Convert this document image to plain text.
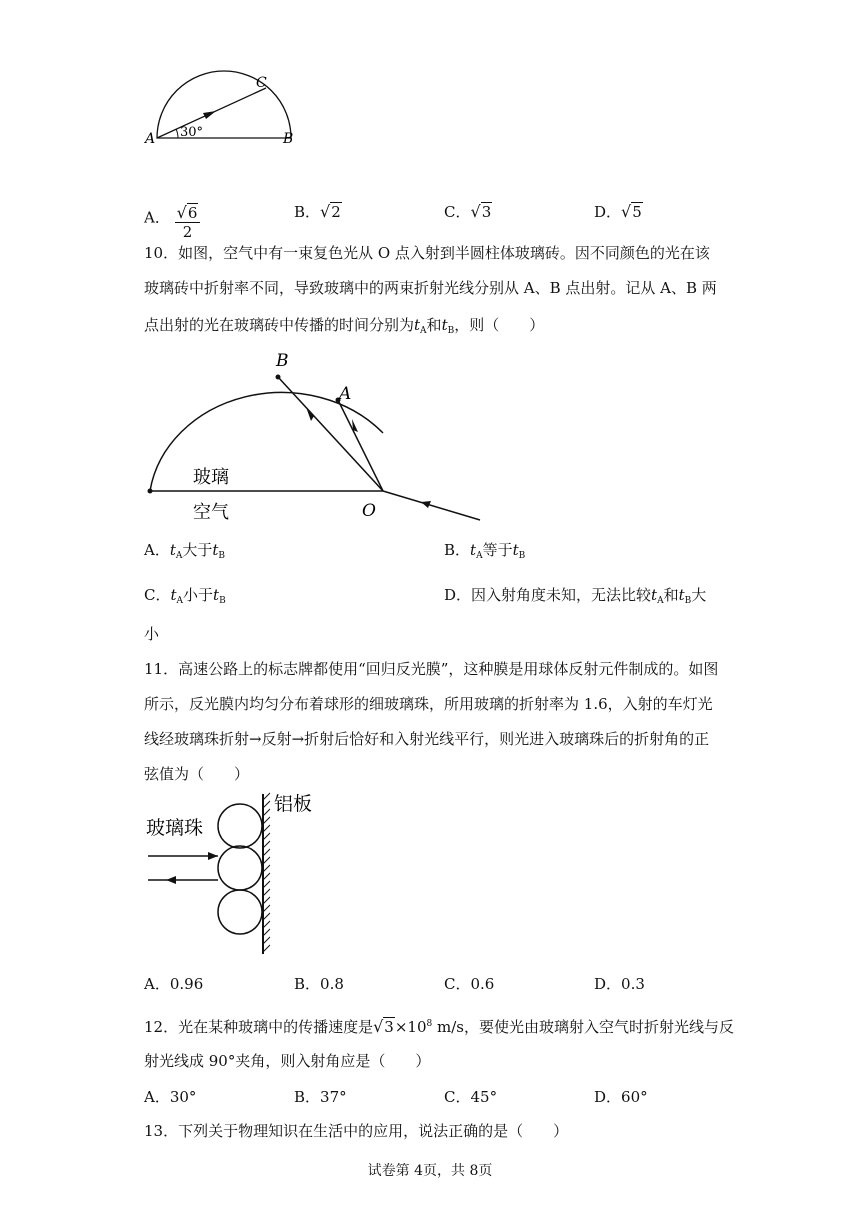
A	B
C
30°
A． $\frac{√6}{2}$	B．√2	C．√3	D．√5
10．如图，空气中有一束复色光从 O 点入射到半圆柱体玻璃砖。因不同颜色的光在该
玻璃砖中折射率不同，导致玻璃中的两束折射光线分别从 A、B 点出射。记从 A、B 两
点出射的光在玻璃砖中传播的时间分别为$t_A$和$t_B$，则（　　）
B
A
O
玻璃
空气
A．$t_A$大于$t_B$	B．$t_A$等于$t_B$
C．$t_A$小于$t_B$	D．因入射角度未知，无法比较$t_A$和$t_B$大
小
11．高速公路上的标志牌都使用“回归反光膜”，这种膜是用球体反射元件制成的。如图
所示，反光膜内均匀分布着球形的细玻璃珠，所用玻璃的折射率为 1.6，入射的车灯光
线经玻璃珠折射→反射→折射后恰好和入射光线平行，则光进入玻璃珠后的折射角的正
弦值为（　　）
玻璃珠
铝板
A．0.96	B．0.8	C．0.6	D．0.3
12．光在某种玻璃中的传播速度是$√3\times 10^8$ m/s，要使光由玻璃射入空气时折射光线与反
射光线成 90°夹角，则入射角应是（　　）
A．30°	B．37°	C．45°	D．60°
13．下列关于物理知识在生活中的应用，说法正确的是（　　）
试卷第 4页，共 8页
